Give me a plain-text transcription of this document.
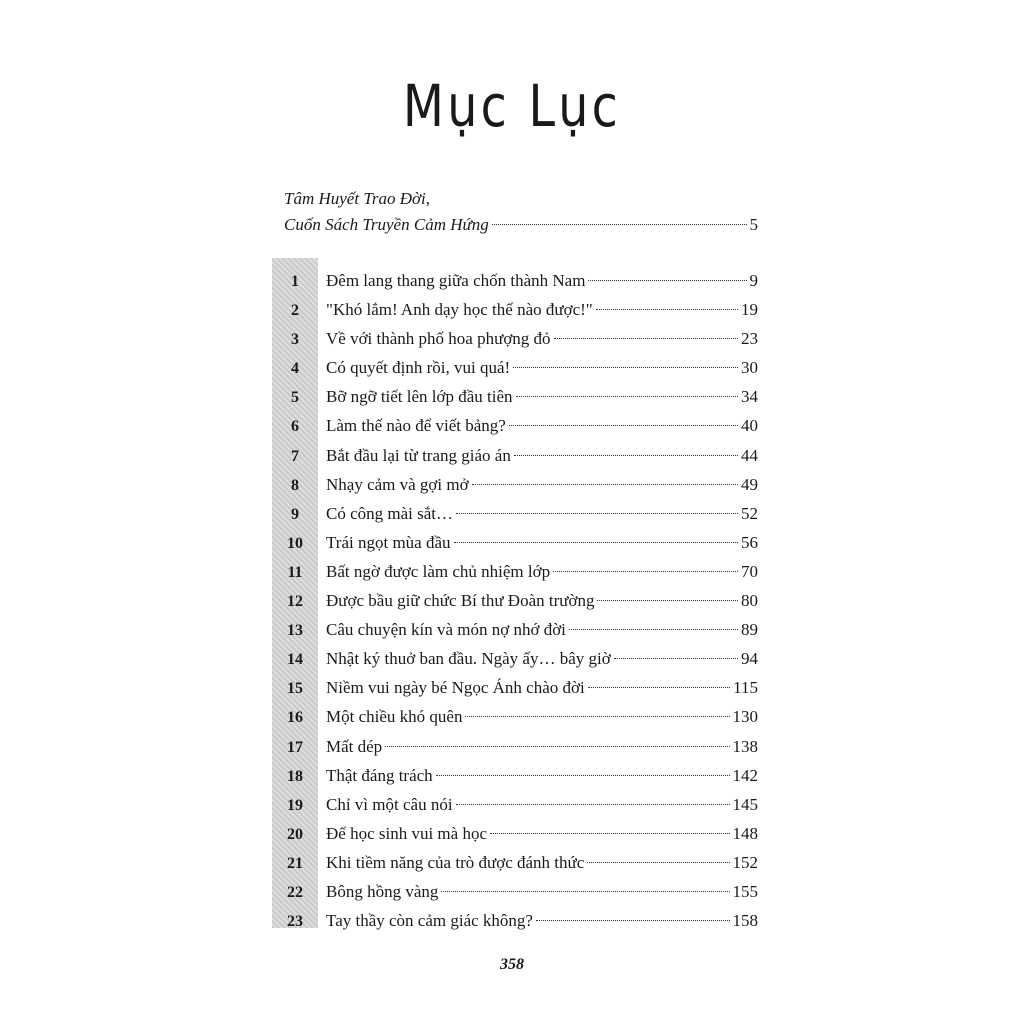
Mục Lục
Tâm Huyết Trao Đời,
Cuốn Sách Truyền Cảm Hứng	5
1	Đêm lang thang giữa chốn thành Nam	9
2	"Khó lắm! Anh dạy học thế nào được!"	19
3	Về với thành phố hoa phượng đỏ	23
4	Có quyết định rồi, vui quá!	30
5	Bỡ ngỡ tiết lên lớp đầu tiên	34
6	Làm thế nào để viết bảng?	40
7	Bắt đầu lại từ trang giáo án	44
8	Nhạy cảm và gợi mở	49
9	Có công mài sắt…	52
10	Trái ngọt mùa đầu	56
11	Bất ngờ được làm chủ nhiệm lớp	70
12	Được bầu giữ chức Bí thư Đoàn trường	80
13	Câu chuyện kín và món nợ nhớ đời	89
14	Nhật ký thuở ban đầu. Ngày ấy… bây giờ	94
15	Niềm vui ngày bé Ngọc Ánh chào đời	115
16	Một chiều khó quên	130
17	Mất dép	138
18	Thật đáng trách	142
19	Chỉ vì một câu nói	145
20	Để học sinh vui mà học	148
21	Khi tiềm năng của trò được đánh thức	152
22	Bông hồng vàng	155
23	Tay thầy còn cảm giác không?	158
358
